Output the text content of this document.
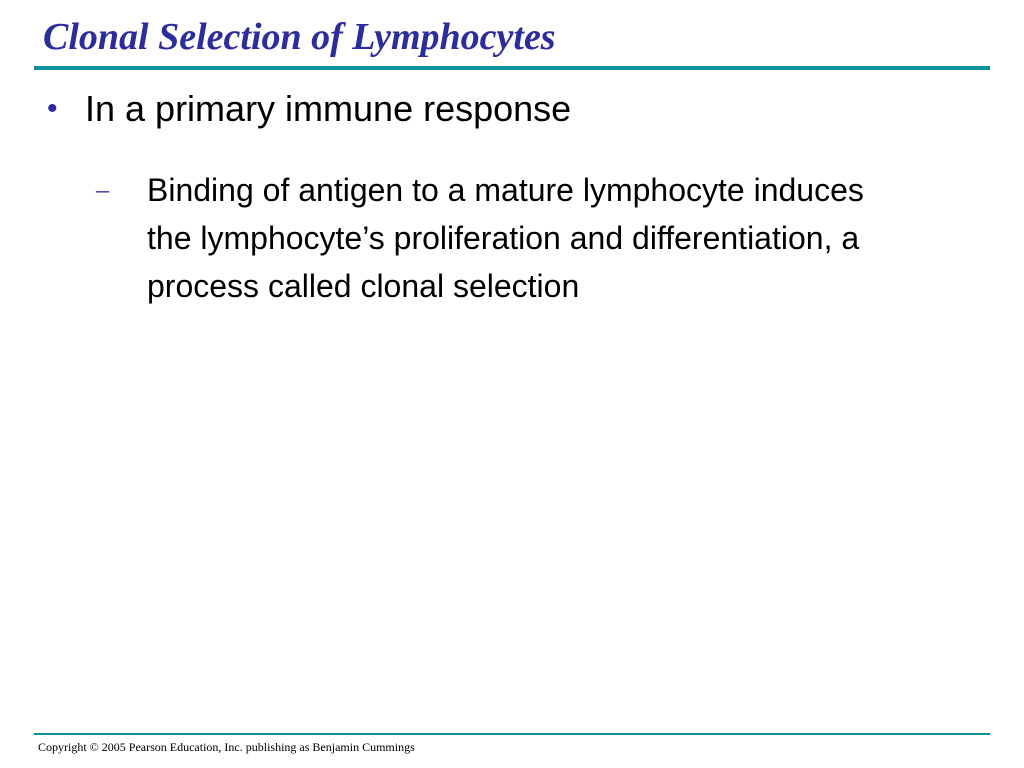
Clonal Selection of Lymphocytes
• In a primary immune response
–	Binding of antigen to a mature lymphocyte induces the lymphocyte’s proliferation and differentiation, a process called clonal selection
Copyright © 2005 Pearson Education, Inc. publishing as Benjamin Cummings
